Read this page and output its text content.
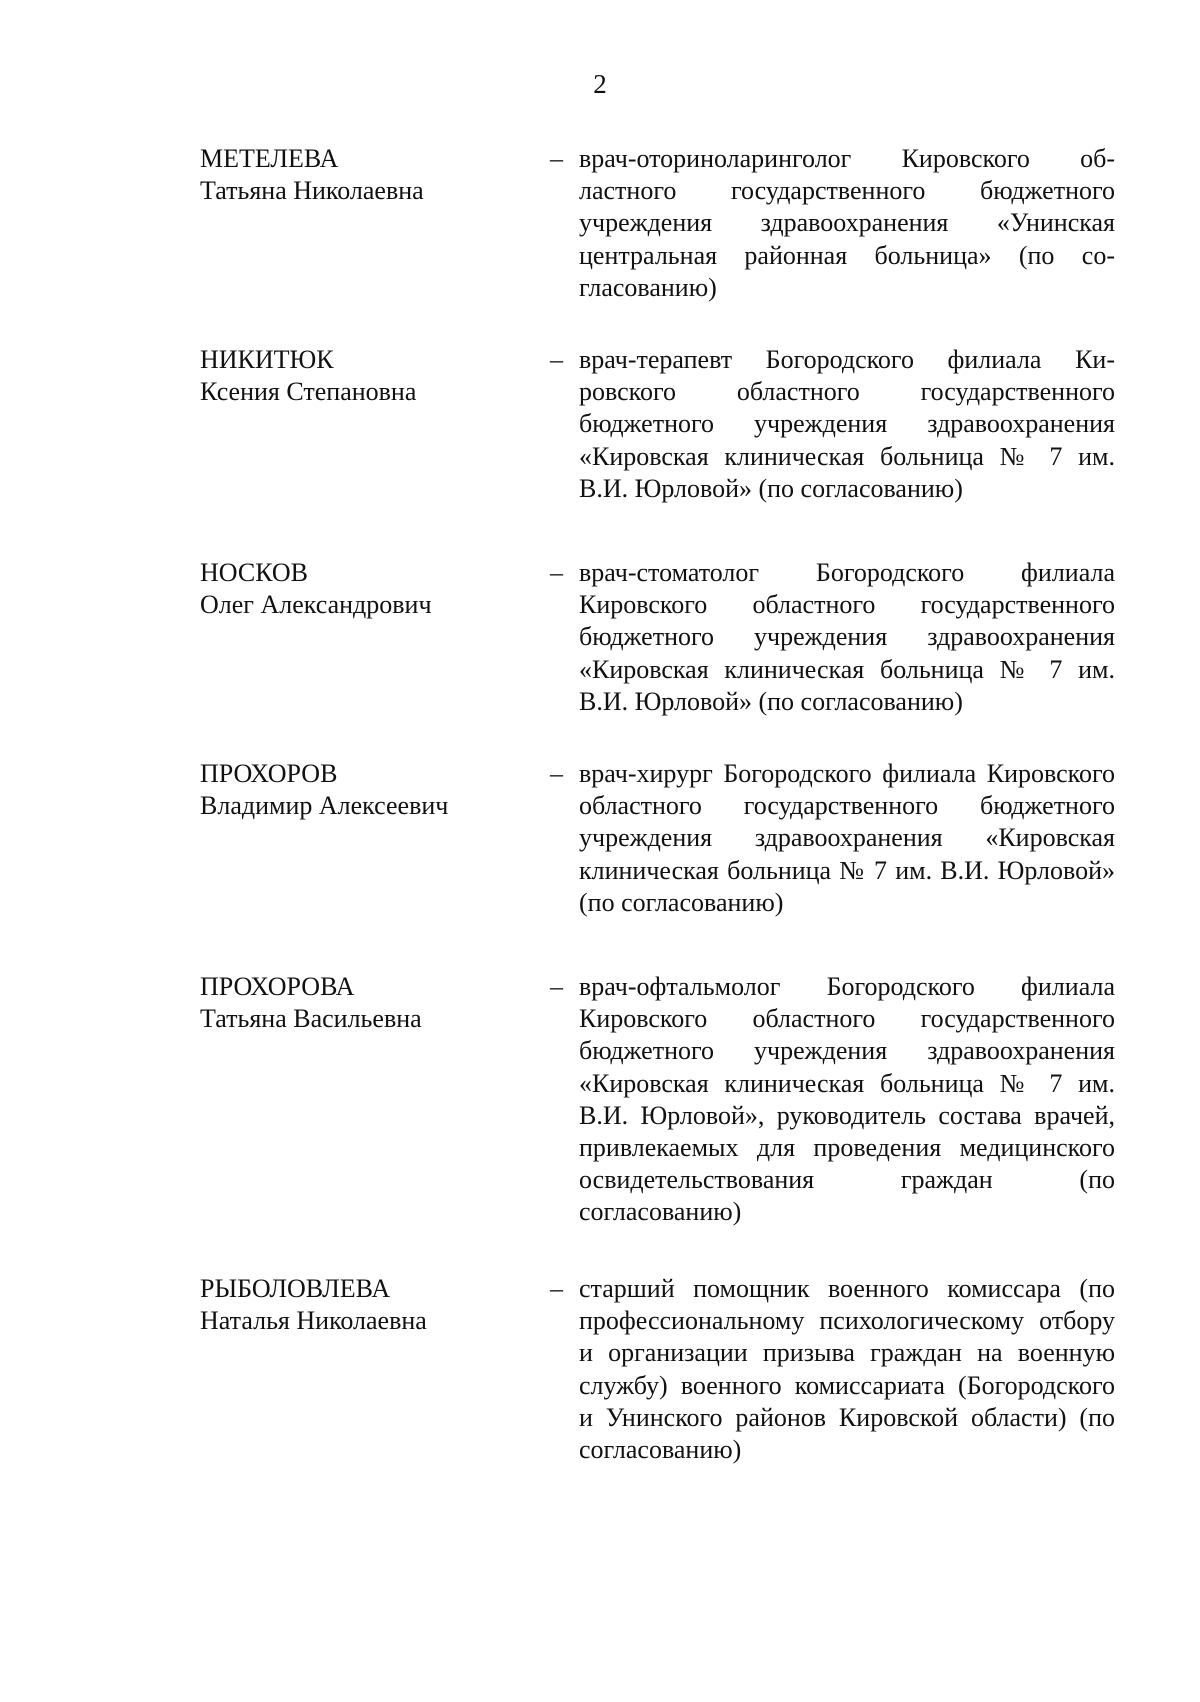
2
МЕТЕЛЕВА
Татьяна Николаевна
– врач-оториноларинголог Кировского областного государственного бюджетного учреждения здравоохранения «Унинская центральная районная больница» (по согласованию)
НИКИТЮК
Ксения Степановна
– врач-терапевт Богородского филиала Кировского областного государственного бюджетного учреждения здравоохранения «Кировская клиническая больница № 7 им. В.И. Юрловой» (по согласованию)
НОСКОВ
Олег Александрович
– врач-стоматолог Богородского филиала Кировского областного государственного бюджетного учреждения здравоохранения «Кировская клиническая больница № 7 им. В.И. Юрловой» (по согласованию)
ПРОХОРОВ
Владимир Алексеевич
– врач-хирург Богородского филиала Кировского областного государственного бюджетного учреждения здравоохранения «Кировская клиническая больница № 7 им. В.И. Юрловой» (по согласованию)
ПРОХОРОВА
Татьяна Васильевна
– врач-офтальмолог Богородского филиала Кировского областного государственного бюджетного учреждения здравоохранения «Кировская клиническая больница № 7 им. В.И. Юрловой», руководитель состава врачей, привлекаемых для проведения медицинского освидетельствования граждан (по согласованию)
РЫБОЛОВЛЕВА
Наталья Николаевна
– старший помощник военного комиссара (по профессиональному психологическому отбору и организации призыва граждан на военную службу) военного комиссариата (Богородского и Унинского районов Кировской области) (по согласованию)
